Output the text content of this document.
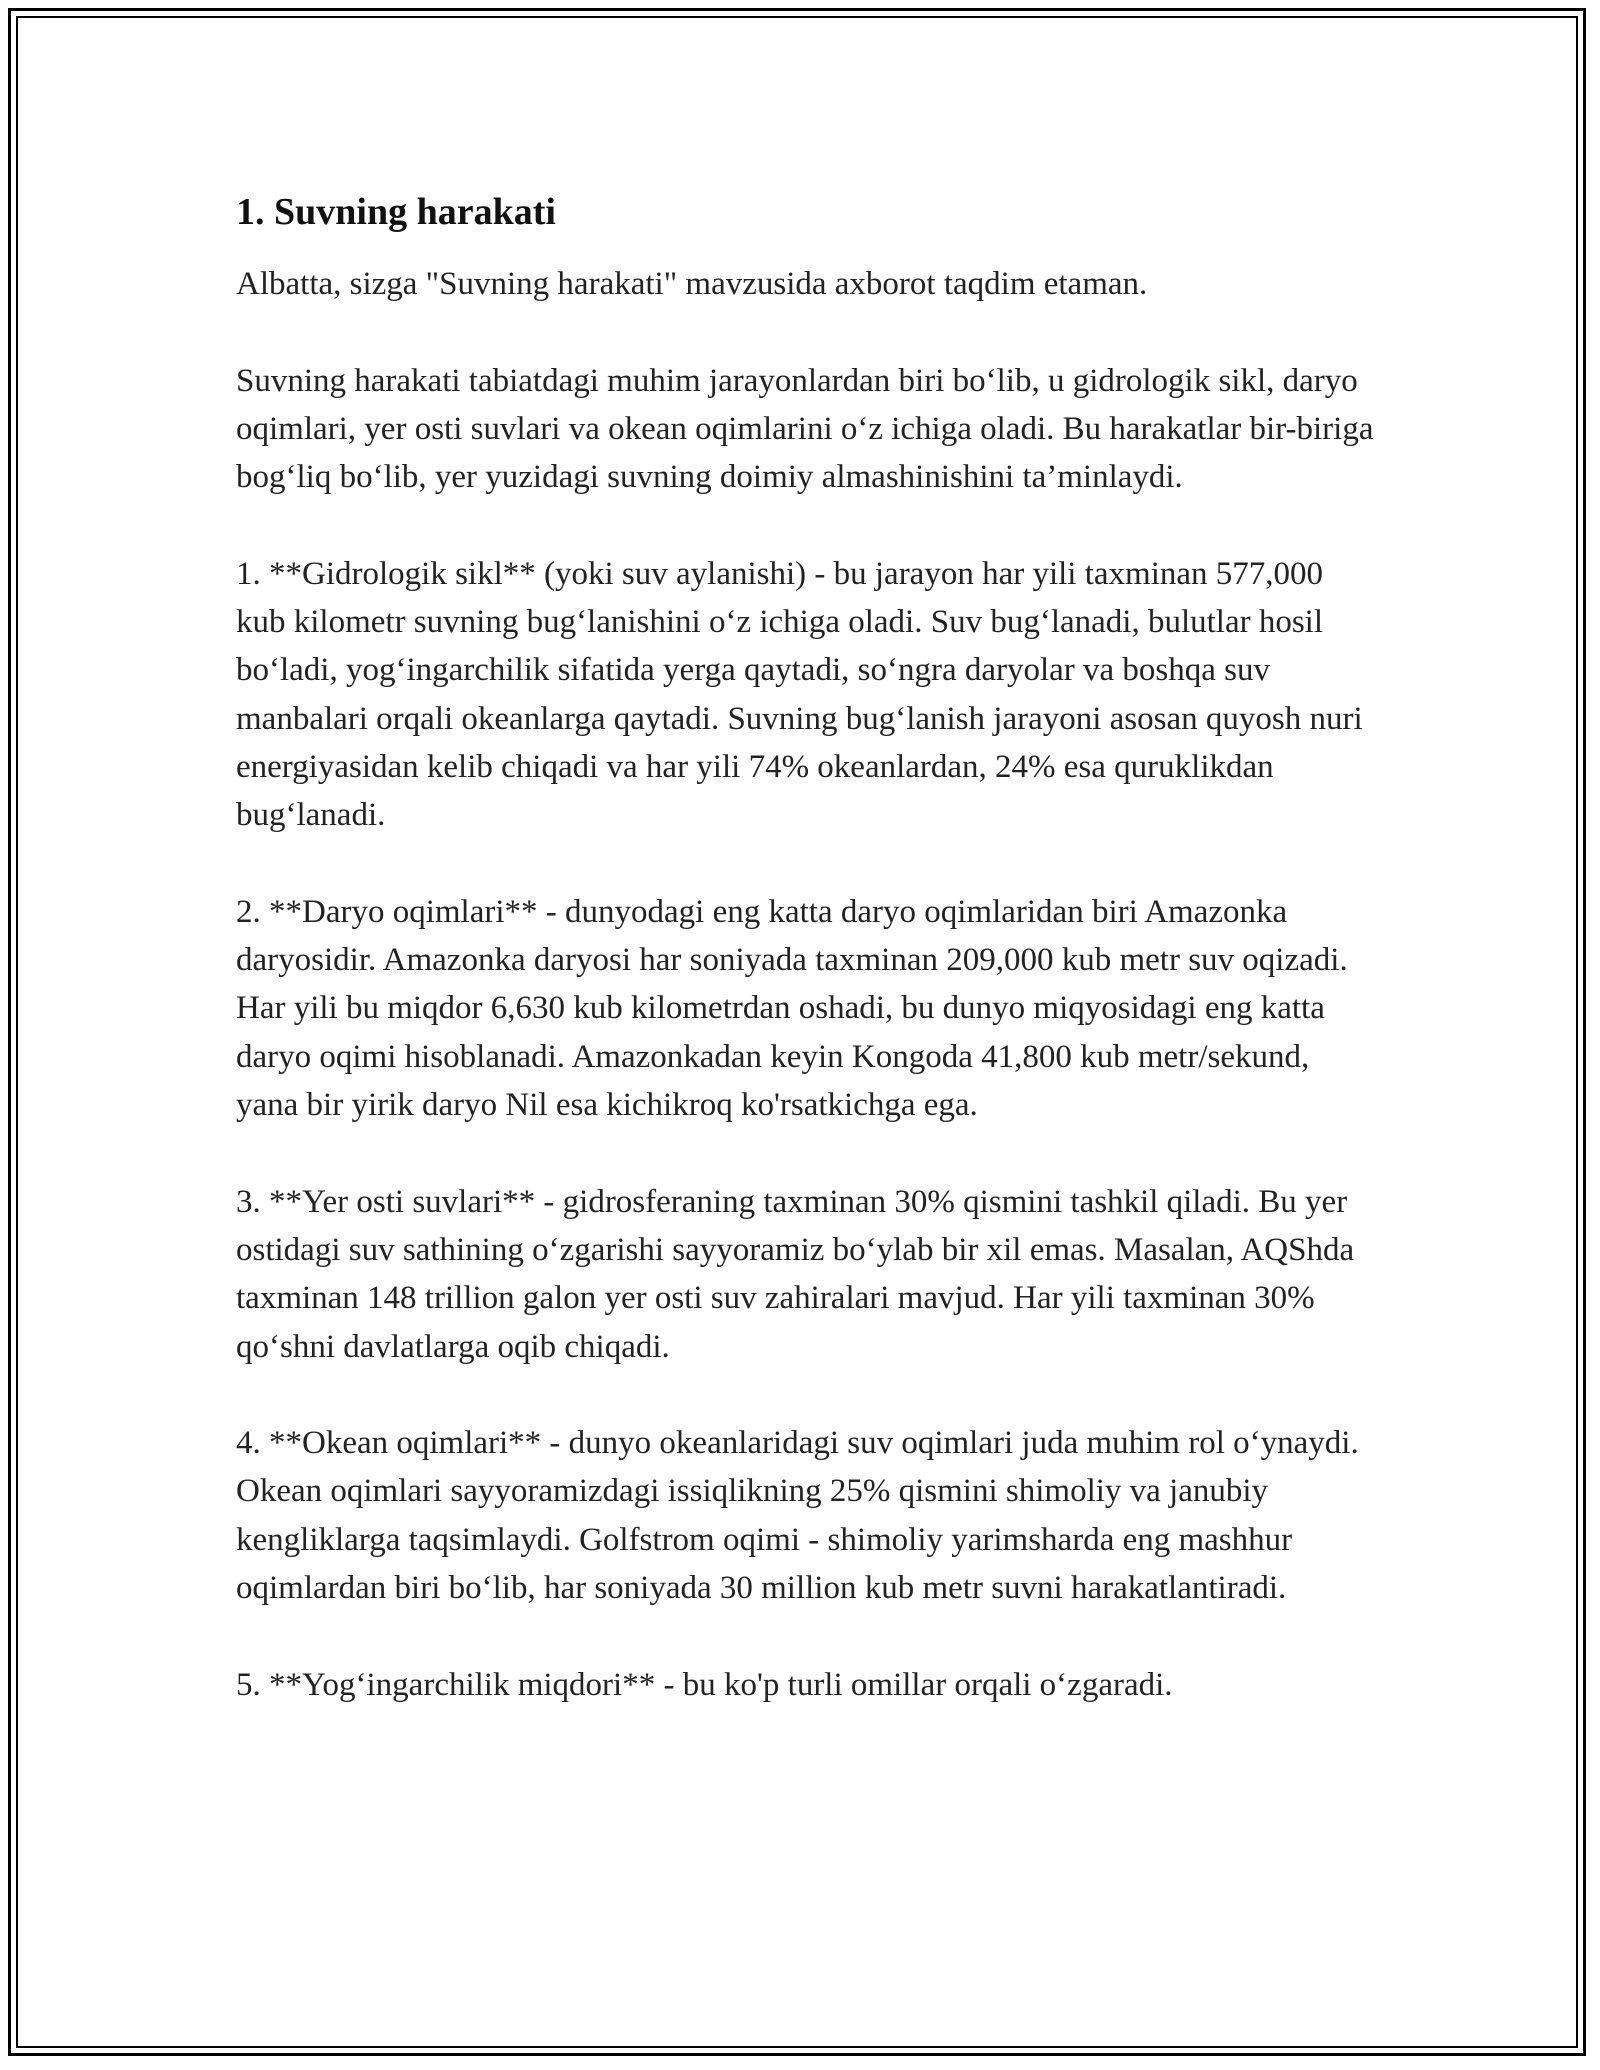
1. Suvning harakati

Albatta, sizga "Suvning harakati" mavzusida axborot taqdim etaman.

Suvning harakati tabiatdagi muhim jarayonlardan biri bo‘lib, u gidrologik sikl, daryo oqimlari, yer osti suvlari va okean oqimlarini o‘z ichiga oladi. Bu harakatlar bir-biriga bog‘liq bo‘lib, yer yuzidagi suvning doimiy almashinishini ta’minlaydi.

1. **Gidrologik sikl** (yoki suv aylanishi) - bu jarayon har yili taxminan 577,000 kub kilometr suvning bug‘lanishini o‘z ichiga oladi. Suv bug‘lanadi, bulutlar hosil bo‘ladi, yog‘ingarchilik sifatida yerga qaytadi, so‘ngra daryolar va boshqa suv manbalari orqali okeanlarga qaytadi. Suvning bug‘lanish jarayoni asosan quyosh nuri energiyasidan kelib chiqadi va har yili 74% okeanlardan, 24% esa quruklikdan bug‘lanadi.

2. **Daryo oqimlari** - dunyodagi eng katta daryo oqimlaridan biri Amazonka daryosidir. Amazonka daryosi har soniyada taxminan 209,000 kub metr suv oqizadi. Har yili bu miqdor 6,630 kub kilometrdan oshadi, bu dunyo miqyosidagi eng katta daryo oqimi hisoblanadi. Amazonkadan keyin Kongoda 41,800 kub metr/sekund, yana bir yirik daryo Nil esa kichikroq ko'rsatkichga ega.

3. **Yer osti suvlari** - gidrosferaning taxminan 30% qismini tashkil qiladi. Bu yer ostidagi suv sathining o‘zgarishi sayyoramiz bo‘ylab bir xil emas. Masalan, AQShda taxminan 148 trillion galon yer osti suv zahiralari mavjud. Har yili taxminan 30% qo‘shni davlatlarga oqib chiqadi.

4. **Okean oqimlari** - dunyo okeanlaridagi suv oqimlari juda muhim rol o‘ynaydi. Okean oqimlari sayyoramizdagi issiqlikning 25% qismini shimoliy va janubiy kengliklarga taqsimlaydi. Golfstrom oqimi - shimoliy yarimsharda eng mashhur oqimlardan biri bo‘lib, har soniyada 30 million kub metr suvni harakatlantiradi.

5. **Yog‘ingarchilik miqdori** - bu ko'p turli omillar orqali o‘zgaradi.
